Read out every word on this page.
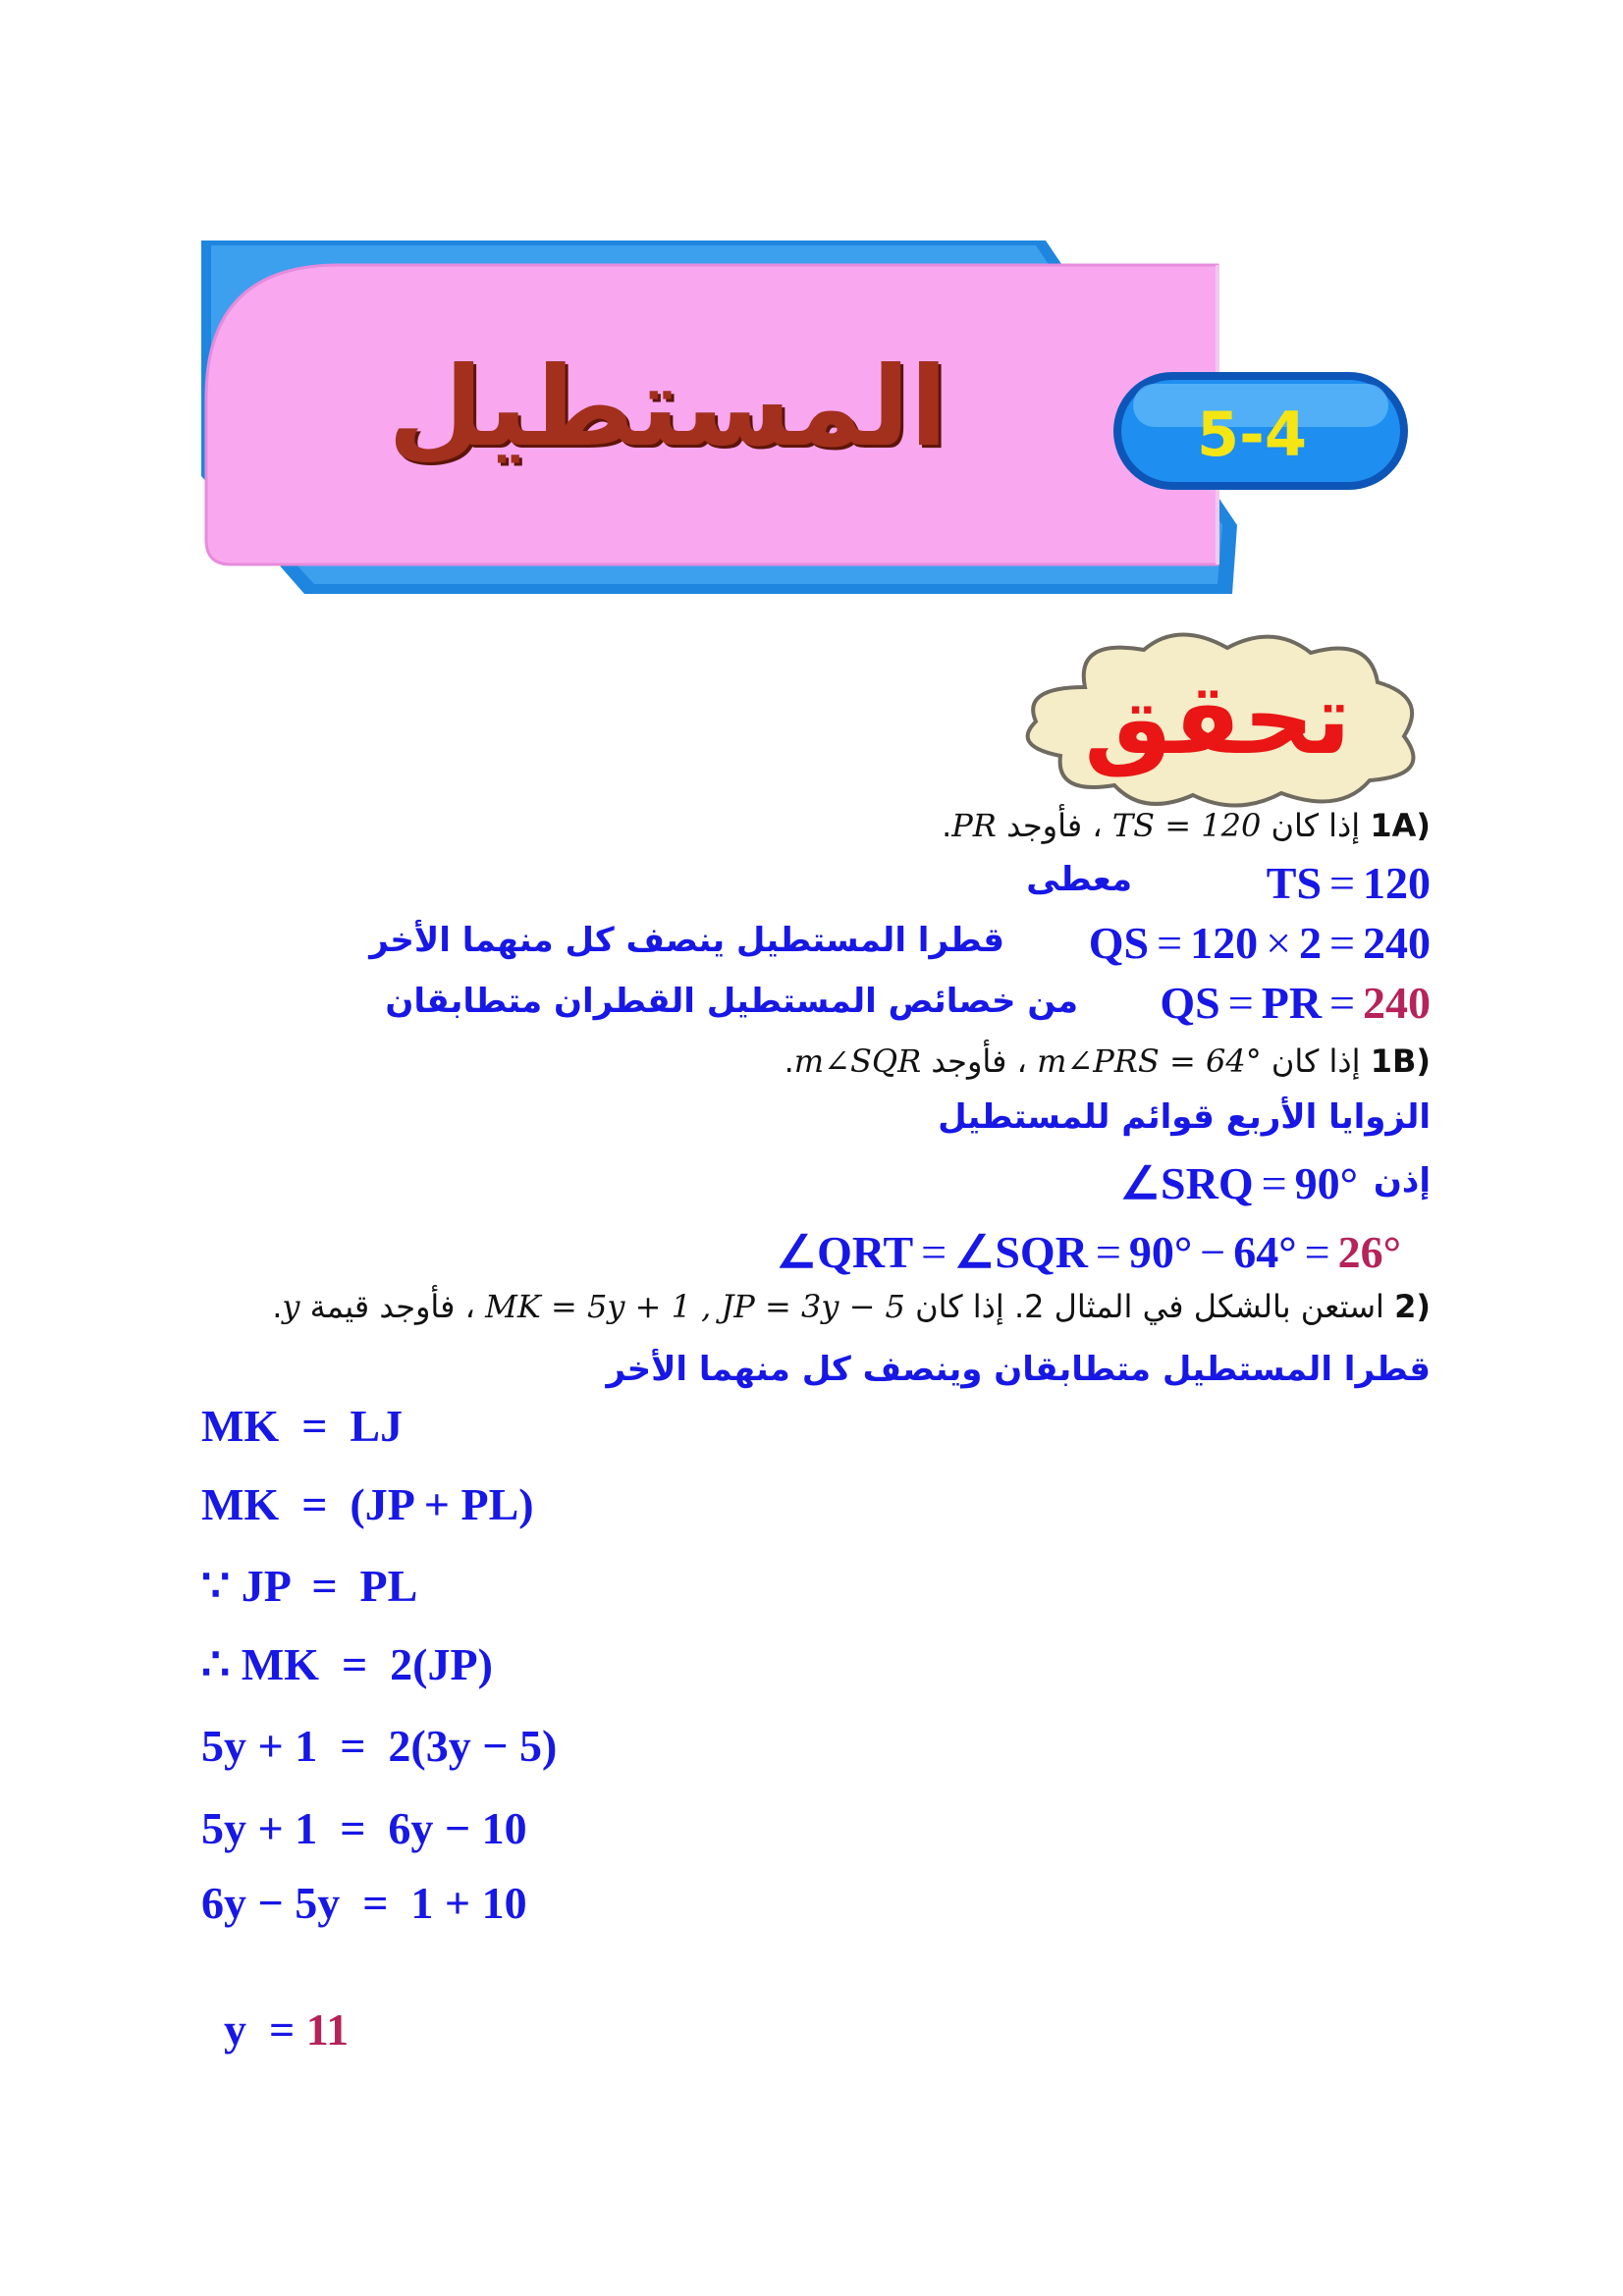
5-4
المستطيل
تحقق
1A) إذا كان TS = 120 ، فأوجد PR.
TS = 120
معطى
QS = 120 × 2 = 240
قطرا المستطيل ينصف كل منهما الأخر
QS = PR = 240
من خصائص المستطيل القطران متطابقان
1B) إذا كان m∠PRS = 64° ، فأوجد m∠SQR.
الزوايا الأربع قوائم للمستطيل
إذن
∠SRQ = 90°
∠QRT = ∠SQR = 90° − 64° = 26°
2) استعن بالشكل في المثال 2. إذا كان MK = 5y + 1 , JP = 3y − 5 ، فأوجد قيمة y.
قطرا المستطيل متطابقان وينصف كل منهما الأخر
MK  =  LJ
MK  =  (JP + PL)
∵ JP  =  PL
∴ MK  =  2(JP)
5y + 1  =  2(3y − 5)
5y + 1  =  6y − 10
6y − 5y  =  1 + 10

y  = 11
